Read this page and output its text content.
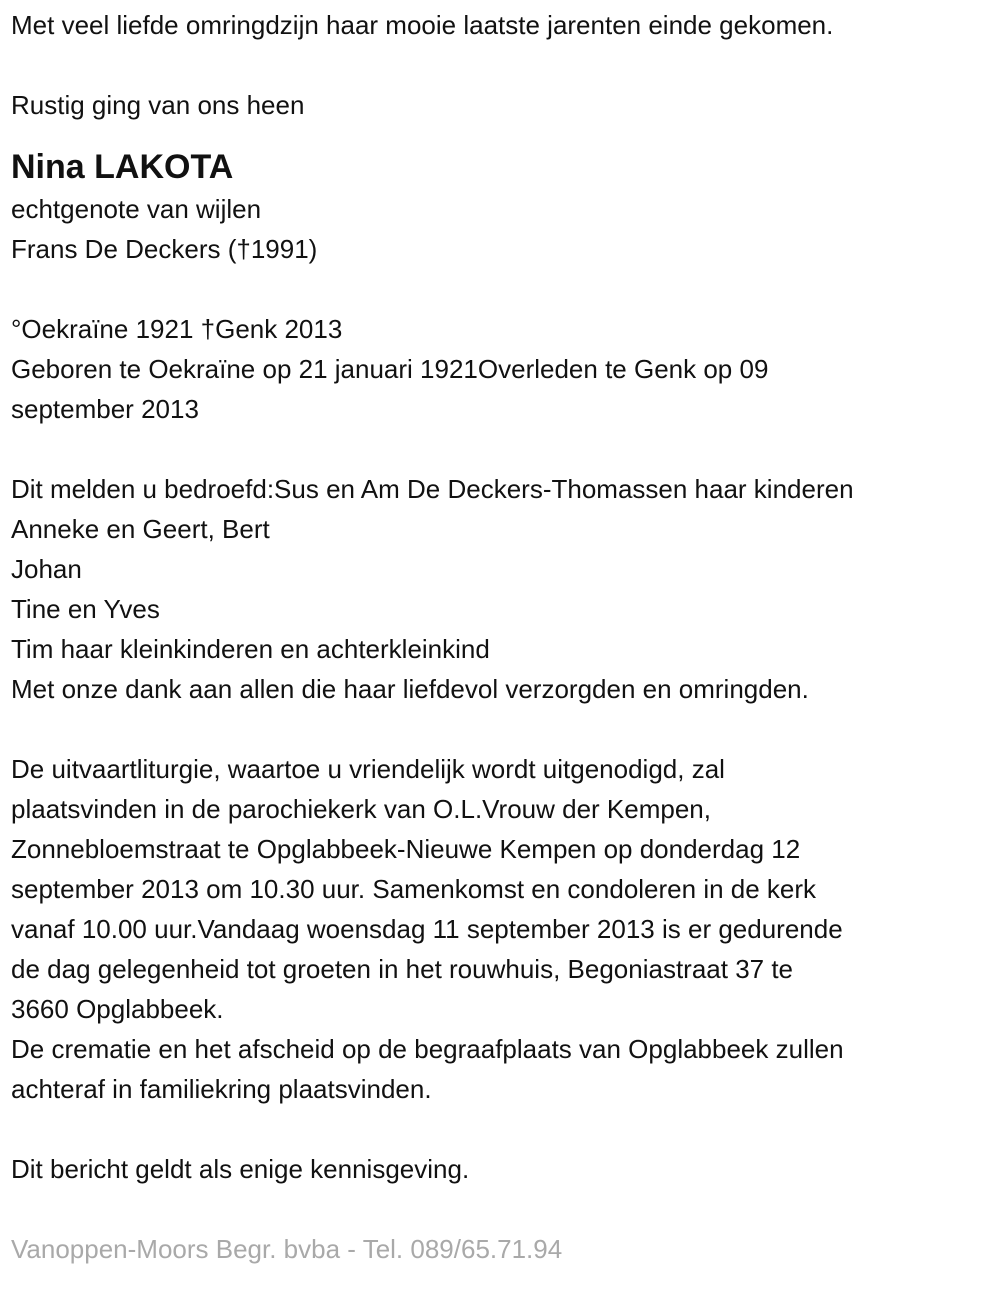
Met veel liefde omringdzijn haar mooie laatste jarenten einde gekomen.
Rustig ging van ons heen
Nina LAKOTA
echtgenote van wijlen
Frans De Deckers (†1991)
°Oekraïne 1921 †Genk 2013
Geboren te Oekraïne op 21 januari 1921Overleden te Genk op 09
september 2013
Dit melden u bedroefd:Sus en Am De Deckers-Thomassen haar kinderen
Anneke en Geert, Bert
Johan
Tine en Yves
Tim haar kleinkinderen en achterkleinkind
Met onze dank aan allen die haar liefdevol verzorgden en omringden.
De uitvaartliturgie, waartoe u vriendelijk wordt uitgenodigd, zal
plaatsvinden in de parochiekerk van O.L.Vrouw der Kempen,
Zonnebloemstraat te Opglabbeek-Nieuwe Kempen op donderdag 12
september 2013 om 10.30 uur. Samenkomst en condoleren in de kerk
vanaf 10.00 uur.Vandaag woensdag 11 september 2013 is er gedurende
de dag gelegenheid tot groeten in het rouwhuis, Begoniastraat 37 te
3660 Opglabbeek.
De crematie en het afscheid op de begraafplaats van Opglabbeek zullen
achteraf in familiekring plaatsvinden.
Dit bericht geldt als enige kennisgeving.
Vanoppen-Moors Begr. bvba - Tel. 089/65.71.94
